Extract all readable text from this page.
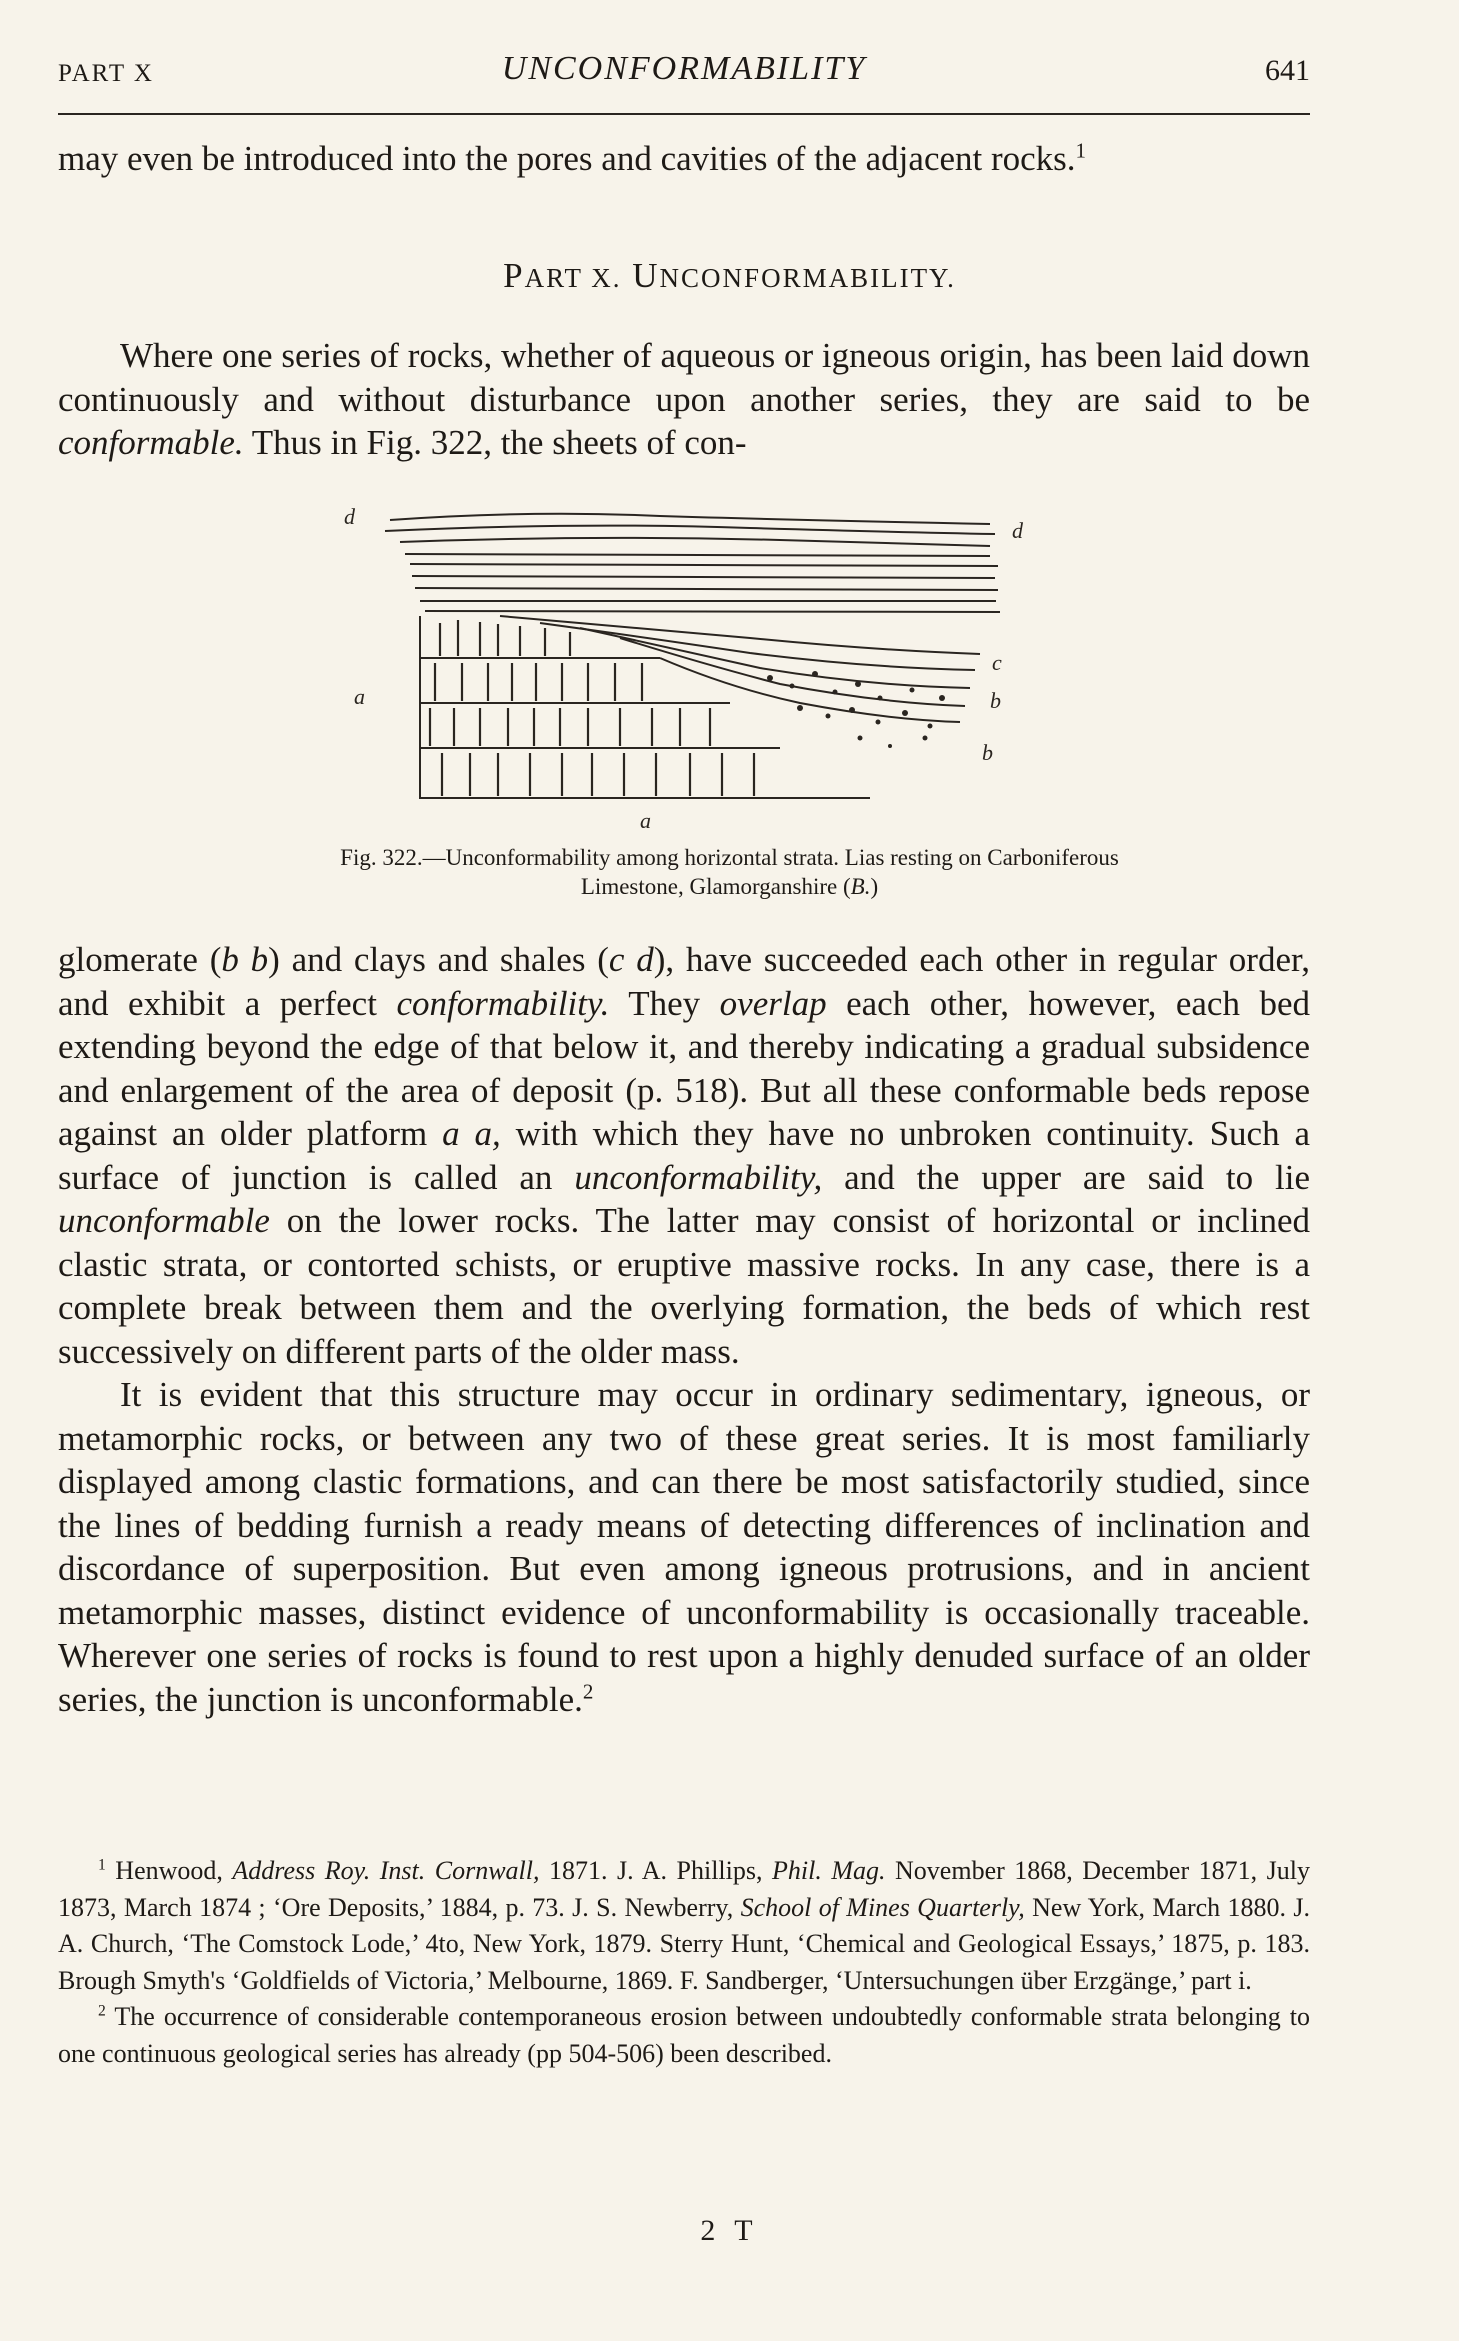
PART X	UNCONFORMABILITY	641

may even be introduced into the pores and cavities of the adjacent rocks.$^1$

PART X. UNCONFORMABILITY.

Where one series of rocks, whether of aqueous or igneous origin, has been laid down continuously and without disturbance upon another series, they are said to be conformable. Thus in Fig. 322, the sheets of con-

d
d
c
b
b
a
a
Fig. 322.—Unconformability among horizontal strata. Lias resting on Carboniferous
Limestone, Glamorganshire (B.)

glomerate (b b) and clays and shales (c d), have succeeded each other in regular order, and exhibit a perfect conformability. They overlap each other, however, each bed extending beyond the edge of that below it, and thereby indicating a gradual subsidence and enlargement of the area of deposit (p. 518). But all these conformable beds repose against an older platform a a, with which they have no unbroken continuity. Such a surface of junction is called an unconformability, and the upper are said to lie unconformable on the lower rocks. The latter may consist of horizontal or inclined clastic strata, or contorted schists, or eruptive massive rocks. In any case, there is a complete break between them and the overlying formation, the beds of which rest successively on different parts of the older mass.

It is evident that this structure may occur in ordinary sedimentary, igneous, or metamorphic rocks, or between any two of these great series. It is most familiarly displayed among clastic formations, and can there be most satisfactorily studied, since the lines of bedding furnish a ready means of detecting differences of inclination and discordance of superposition. But even among igneous protrusions, and in ancient metamorphic masses, distinct evidence of unconformability is occasionally traceable. Wherever one series of rocks is found to rest upon a highly denuded surface of an older series, the junction is unconformable.$^2$

$^1$ Henwood, Address Roy. Inst. Cornwall, 1871. J. A. Phillips, Phil. Mag. November 1868, December 1871, July 1873, March 1874 ; ‘Ore Deposits,’ 1884, p. 73. J. S. Newberry, School of Mines Quarterly, New York, March 1880. J. A. Church, ‘The Comstock Lode,’ 4to, New York, 1879. Sterry Hunt, ‘Chemical and Geological Essays,’ 1875, p. 183. Brough Smyth's ‘Goldfields of Victoria,’ Melbourne, 1869. F. Sandberger, ‘Untersuchungen über Erzgänge,’ part i.

$^2$ The occurrence of considerable contemporaneous erosion between undoubtedly conformable strata belonging to one continuous geological series has already (pp 504-506) been described.

2 T
